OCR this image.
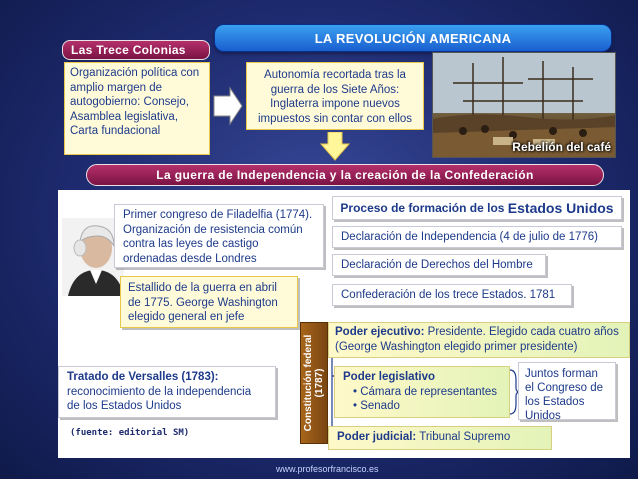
LA REVOLUCIÓN AMERICANA
Rebelión del café
Las Trece Colonias
Organización política con amplio margen de autogobierno: Consejo, Asamblea legislativa, Carta fundacional
Autonomía recortada tras la guerra de los Siete Años: Inglaterra impone nuevos impuestos sin contar con ellos
La guerra de Independencia y la creación de la Confederación
Primer congreso de Filadelfia (1774). Organización de resistencia común contra las leyes de castigo ordenadas desde Londres
Estallido de la guerra en abril de 1775. George Washington elegido general en jefe
Proceso de formación de los Estados Unidos
Declaración de Independencia (4 de julio de 1776)
Declaración de Derechos del Hombre
Confederación de los trece Estados. 1781
Constitución federal (1787)
Poder ejecutivo: Presidente. Elegido cada cuatro años (George Washington elegido primer presidente)
Poder legislativo
• Cámara de representantes
• Senado
Juntos forman el Congreso de los Estados Unidos
Poder judicial: Tribunal Supremo
Tratado de Versalles (1783):
reconocimiento de la independencia de los Estados Unidos
(fuente: editorial SM)
www.profesorfrancisco.es
